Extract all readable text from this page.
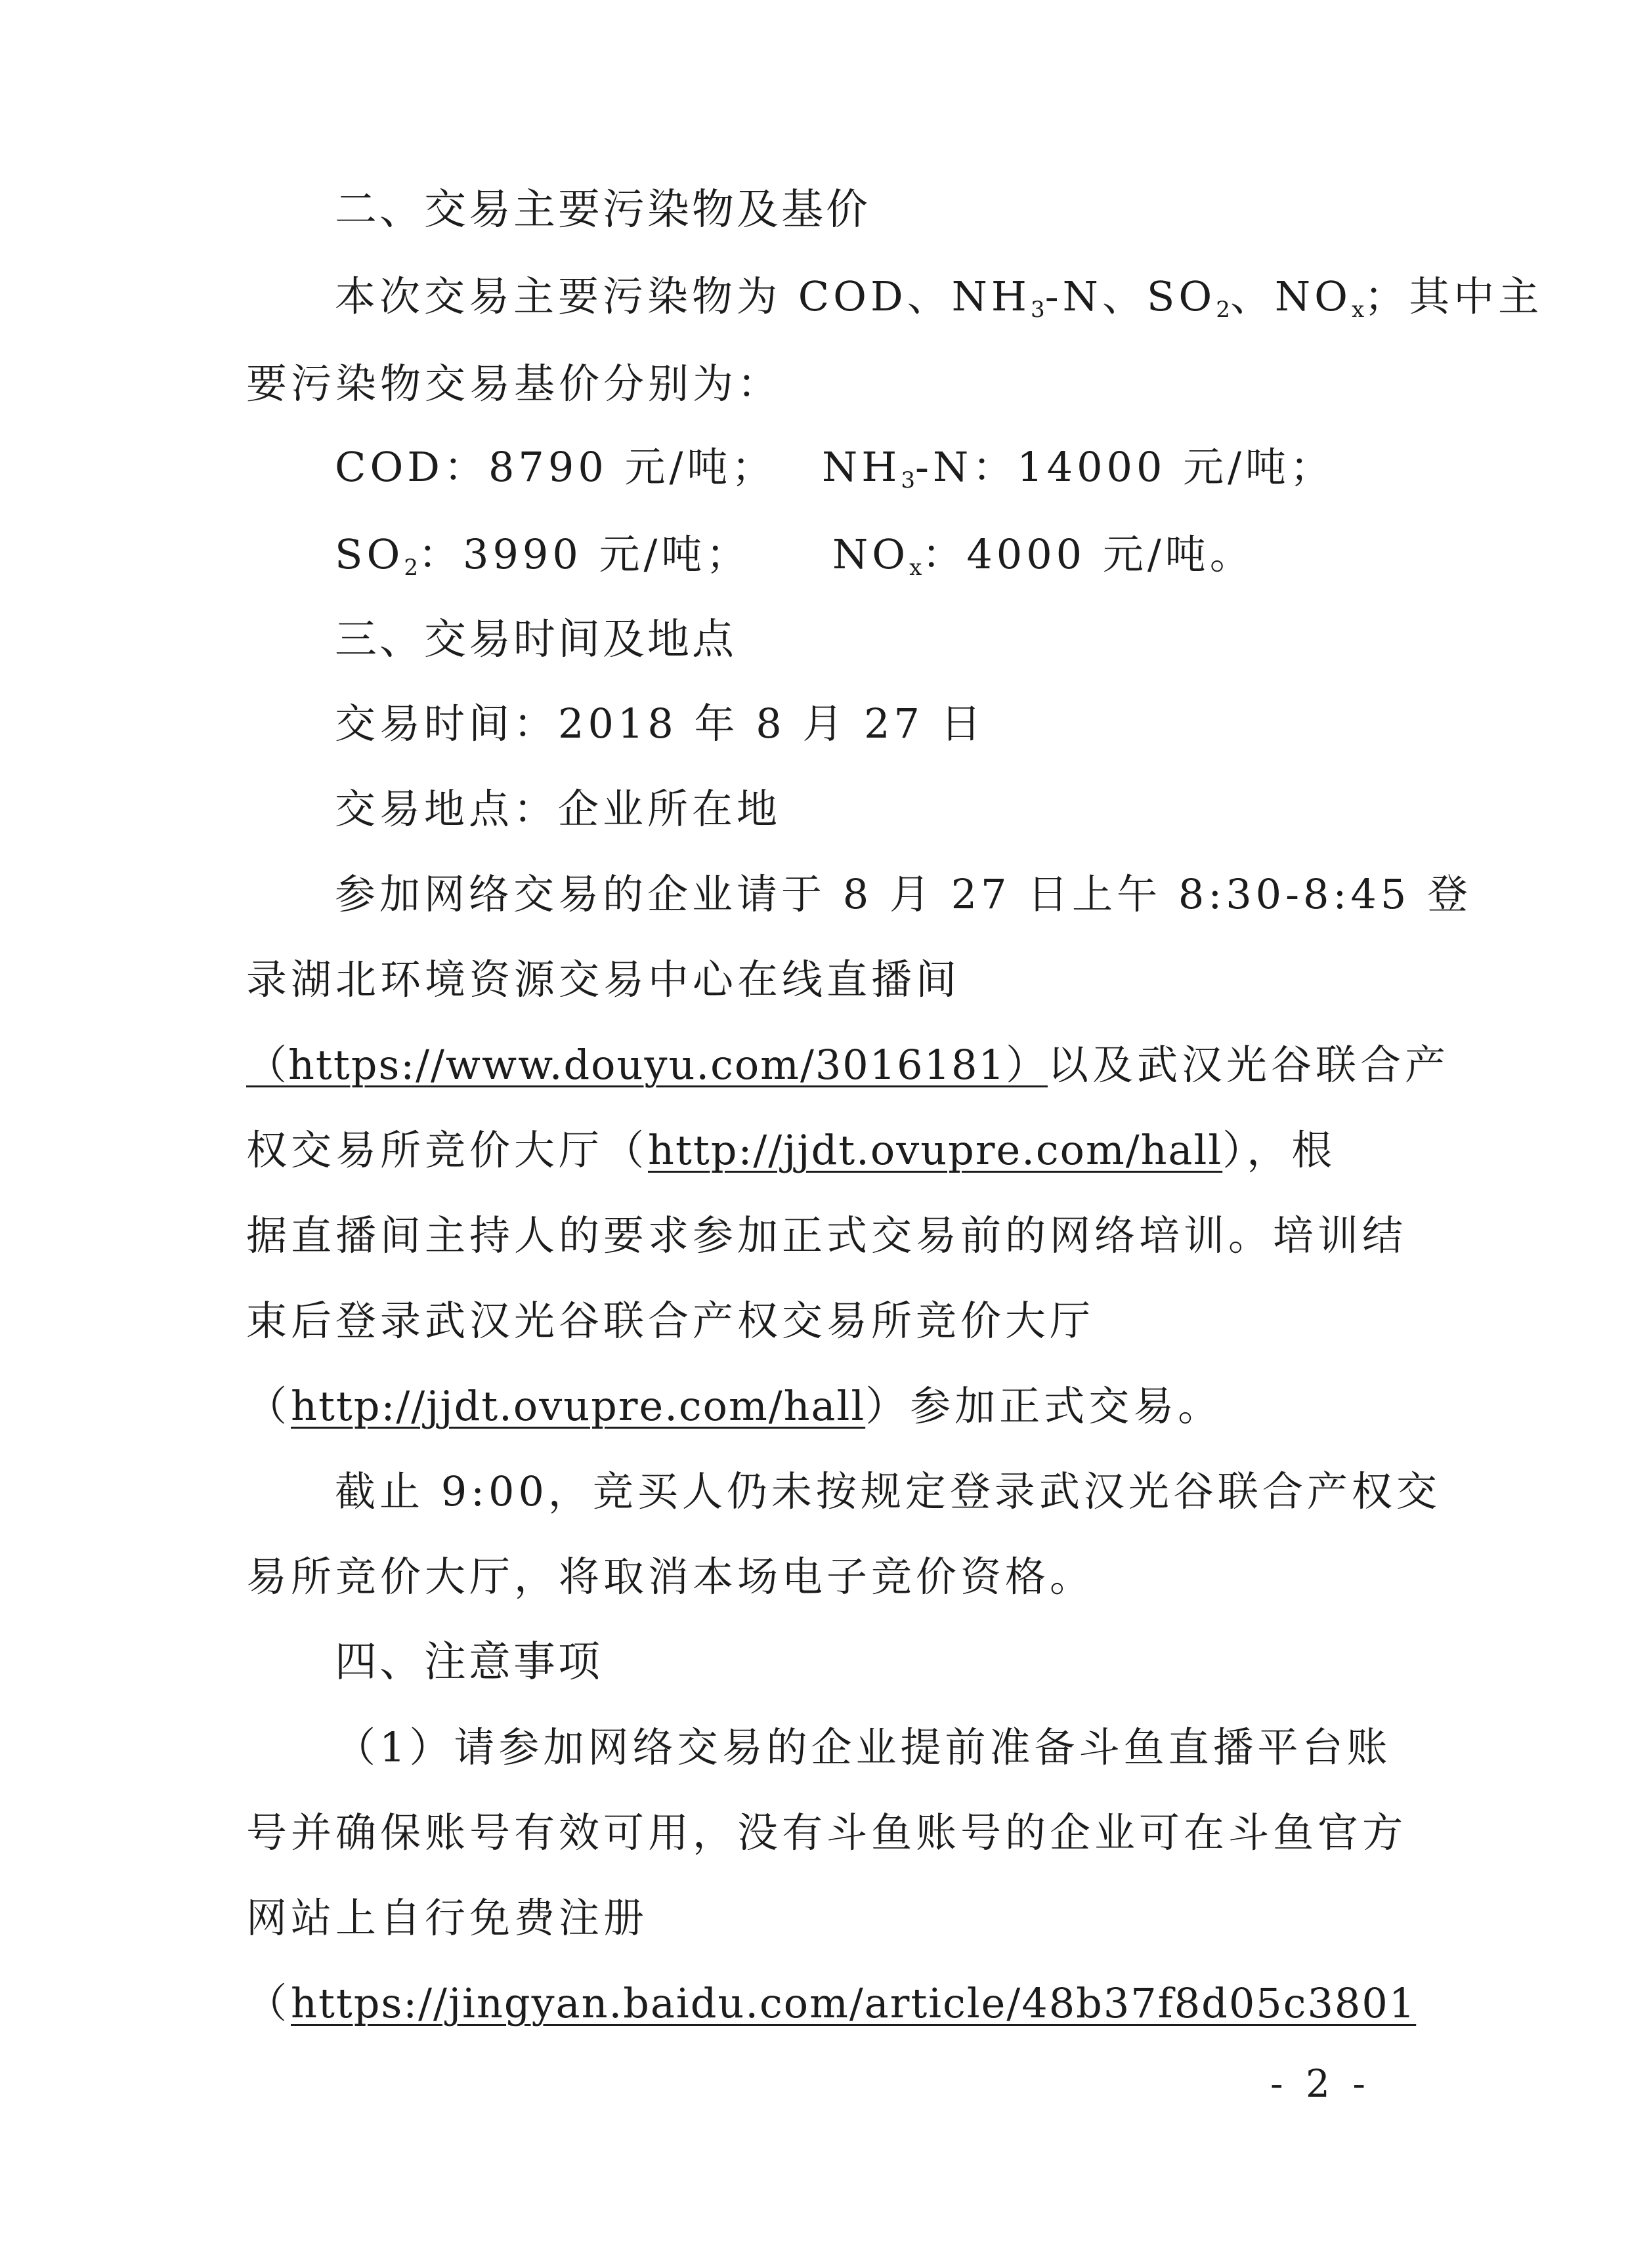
二、交易主要污染物及基价
本次交易主要污染物为 COD、$NH_3-N$、$SO_2$、$NO_x$；其中主
要污染物交易基价分别为：
COD：8790 元/吨； $NH_3-N$：14000 元/吨；
$SO_2$：3990 元/吨； $NO_x$：4000 元/吨。
三、交易时间及地点
交易时间：2018 年 8 月 27 日
交易地点：企业所在地
参加网络交易的企业请于 8 月 27 日上午 8:30-8:45 登
录湖北环境资源交易中心在线直播间
（https://www.douyu.com/3016181）以及武汉光谷联合产
权交易所竞价大厅（http://jjdt.ovupre.com/hall），根
据直播间主持人的要求参加正式交易前的网络培训。培训结
束后登录武汉光谷联合产权交易所竞价大厅
（http://jjdt.ovupre.com/hall）参加正式交易。
截止 9:00，竞买人仍未按规定登录武汉光谷联合产权交
易所竞价大厅，将取消本场电子竞价资格。
四、注意事项
（1）请参加网络交易的企业提前准备斗鱼直播平台账
号并确保账号有效可用，没有斗鱼账号的企业可在斗鱼官方
网站上自行免费注册
（https://jingyan.baidu.com/article/48b37f8d05c3801
- 2 -
